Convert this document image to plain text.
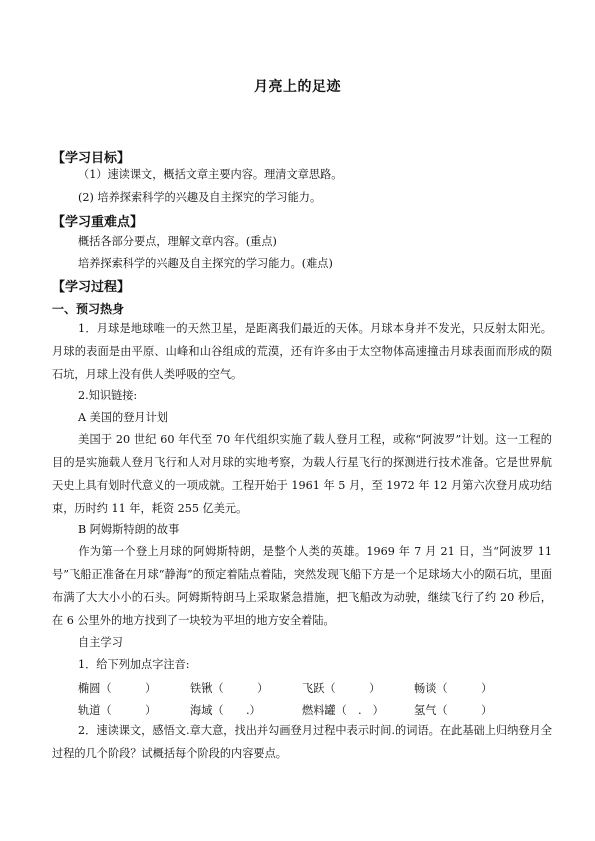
月亮上的足迹
【学习目标】
（1）速读课文，概括文章主要内容。理清文章思路。
(2) 培养探索科学的兴趣及自主探究的学习能力。
【学习重难点】
概括各部分要点，理解文章内容。(重点)
培养探索科学的兴趣及自主探究的学习能力。(难点)
【学习过程】
一、预习热身
1．月球是地球唯一的天然卫星，是距离我们最近的天体。月球本身并不发光，只反射太阳光。月球的表面是由平原、山峰和山谷组成的荒漠，还有许多由于太空物体高速撞击月球表面而形成的陨石坑，月球上没有供人类呼吸的空气。
2.知识链接:
A 美国的登月计划
美国于 20 世纪 60 年代至 70 年代组织实施了载人登月工程，或称“阿波罗”计划。这一工程的目的是实施载人登月飞行和人对月球的实地考察，为载人行星飞行的探测进行技术准备。它是世界航天史上具有划时代意义的一项成就。工程开始于 1961 年 5 月，至 1972 年 12 月第六次登月成功结束，历时约 11 年，耗资 255 亿美元。
B 阿姆斯特朗的故事
作为第一个登上月球的阿姆斯特朗，是整个人类的英雄。1969 年 7 月 21 日，当“阿波罗 11 号”飞船正准备在月球“静海”的预定着陆点着陆，突然发现飞船下方是一个足球场大小的陨石坑，里面布满了大大小小的石头。阿姆斯特朗马上采取紧急措施，把飞船改为动驶，继续飞行了约 20 秒后，在 6 公里外的地方找到了一块较为平坦的地方安全着陆。
自主学习
1．给下列加点字注音:
椭圆（　　　）	铁锹（　　　）	飞跃（　　　）	畅谈（　　　）
轨道（　　　）	海域（　　.）	燃料罐（　.　）	氢气（　　　）
2．速读课文，感悟文.章大意，找出并勾画登月过程中表示时间.的词语。在此基础上归纳登月全过程的几个阶段？试概括每个阶段的内容要点。
